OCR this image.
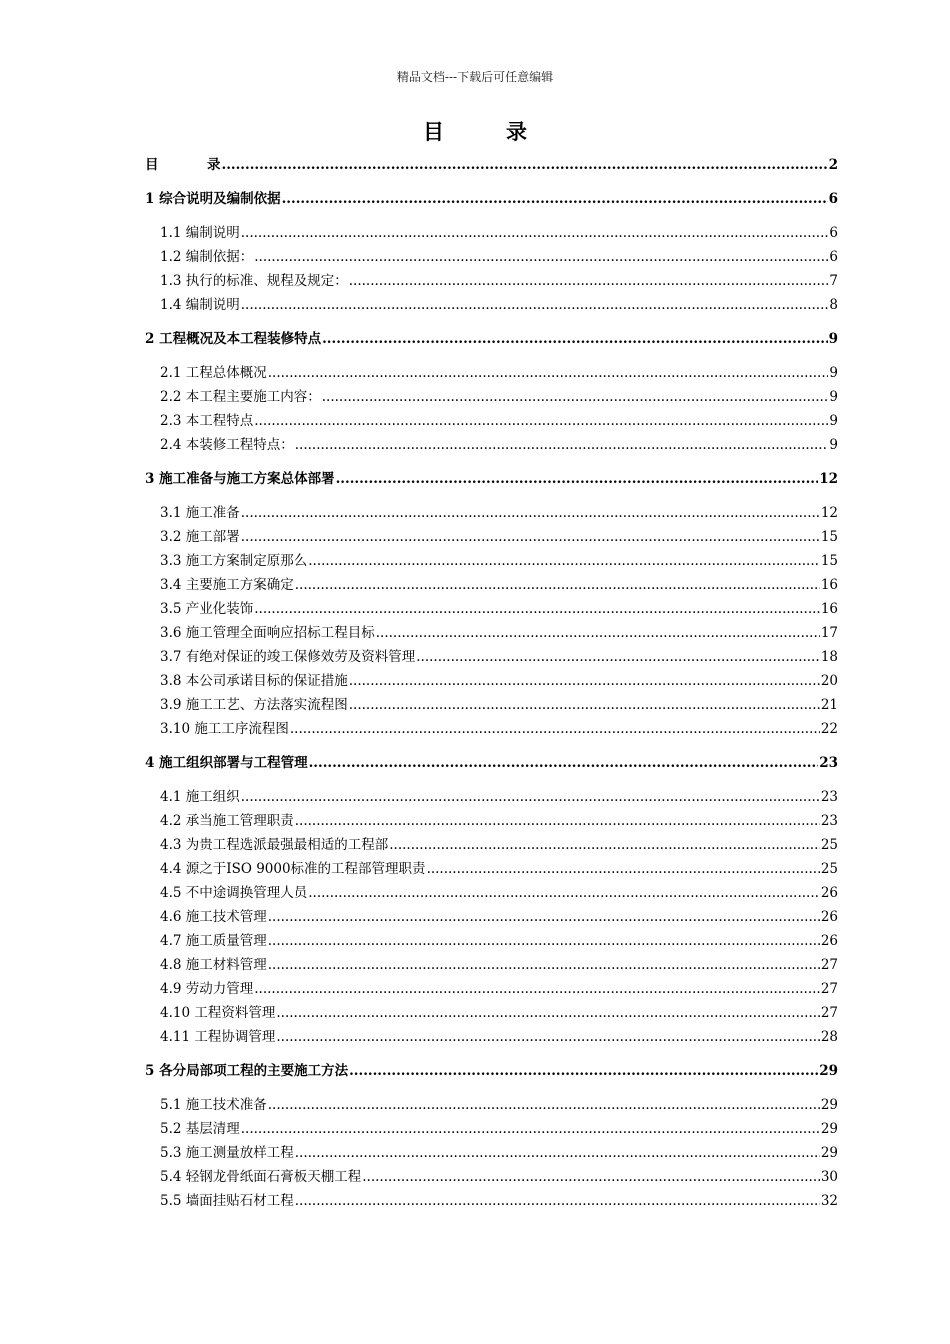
精品文档---下载后可任意编辑
目	录
目	录 .....	2
1 综合说明及编制依据 .....	6
1.1 编制说明 .....	6
1.2 编制依据： .....	6
1.3 执行的标准、规程及规定： .....	7
1.4 编制说明 .....	8
2 工程概况及本工程装修特点 .....	9
2.1 工程总体概况 .....	9
2.2 本工程主要施工内容： .....	9
2.3 本工程特点 .....	9
2.4 本装修工程特点： .....	9
3 施工准备与施工方案总体部署 .....	12
3.1 施工准备 .....	12
3.2 施工部署 .....	15
3.3 施工方案制定原那么 .....	15
3.4 主要施工方案确定 .....	16
3.5 产业化装饰 .....	16
3.6 施工管理全面响应招标工程目标 .....	17
3.7 有绝对保证的竣工保修效劳及资料管理 .....	18
3.8 本公司承诺目标的保证措施 .....	20
3.9 施工工艺、方法落实流程图 .....	21
3.10 施工工序流程图 .....	22
4 施工组织部署与工程管理 .....	23
4.1 施工组织 .....	23
4.2 承当施工管理职责 .....	23
4.3 为贵工程选派最强最相适的工程部 .....	25
4.4 源之于ISO 9000标准的工程部管理职责 .....	25
4.5 不中途调换管理人员 .....	26
4.6 施工技术管理 .....	26
4.7 施工质量管理 .....	26
4.8 施工材料管理 .....	27
4.9 劳动力管理 .....	27
4.10 工程资料管理 .....	27
4.11 工程协调管理 .....	28
5 各分局部项工程的主要施工方法 .....	29
5.1 施工技术准备 .....	29
5.2 基层清理 .....	29
5.3 施工测量放样工程 .....	29
5.4 轻钢龙骨纸面石膏板天棚工程 .....	30
5.5 墙面挂贴石材工程 .....	32
